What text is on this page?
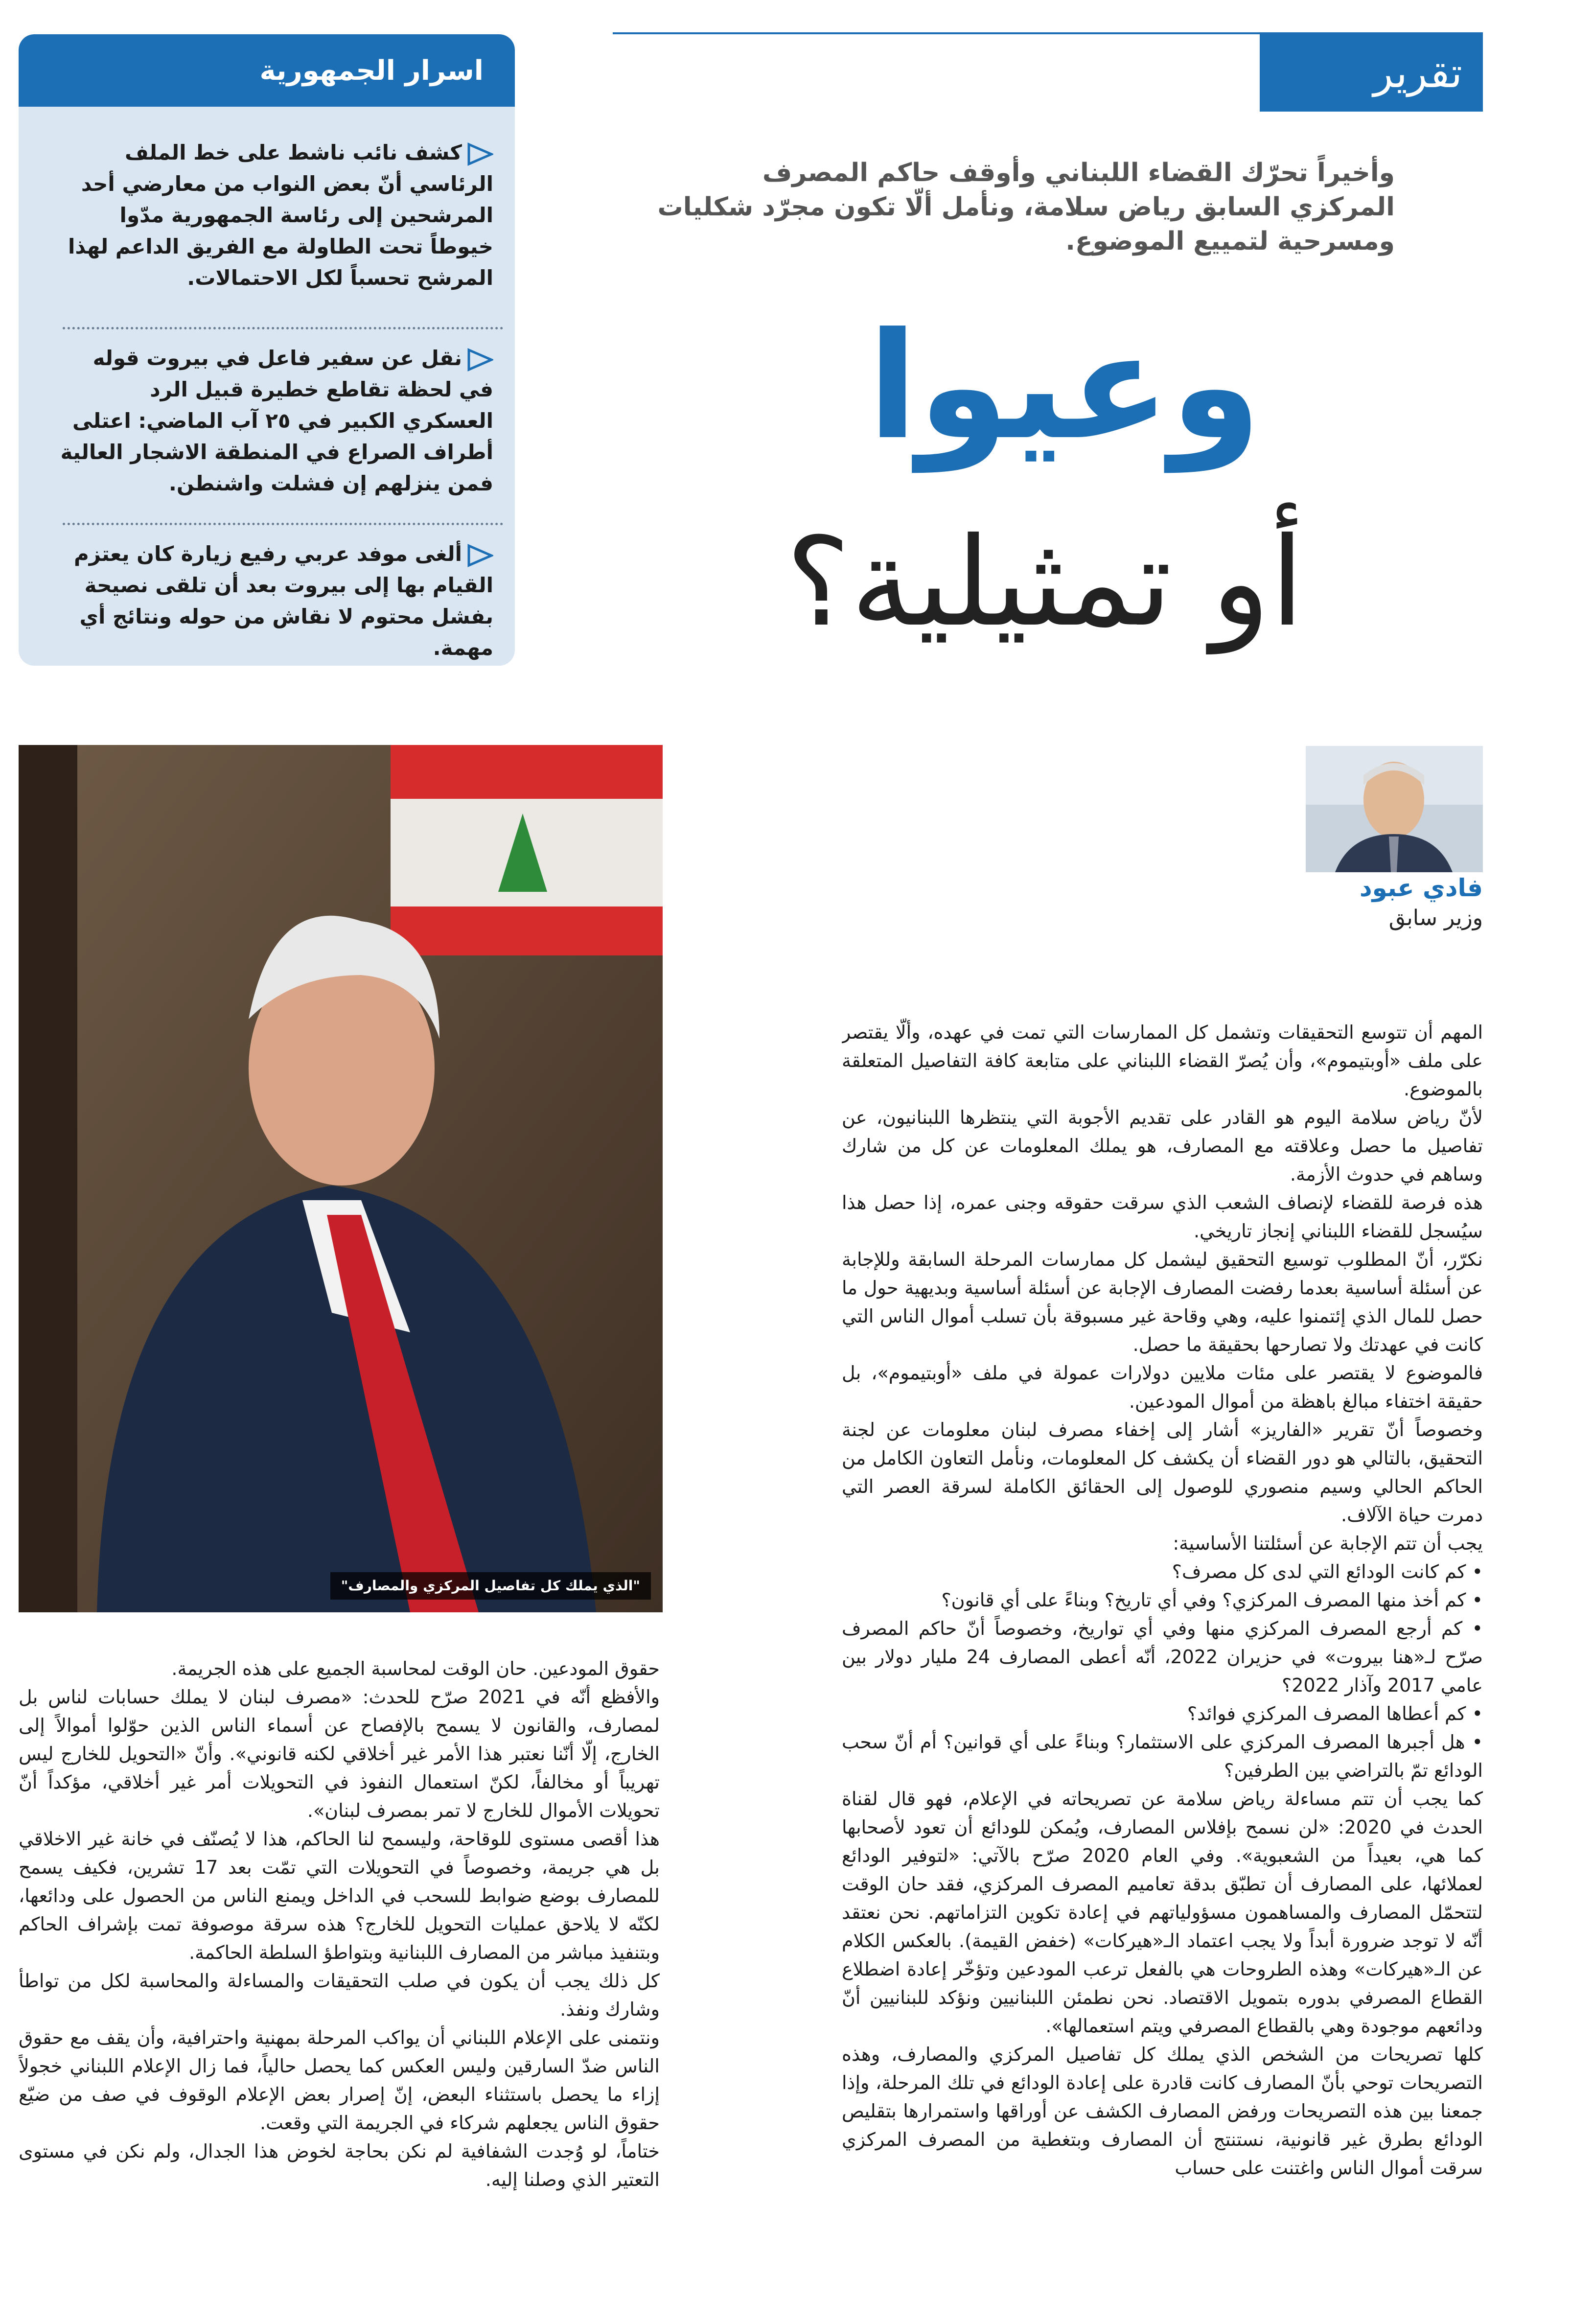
اسرار الجمهورية
كشف نائب ناشط على خط الملف الرئاسي أنّ بعض النواب من معارضي أحد المرشحين إلى رئاسة الجمهورية مدّوا خيوطاً تحت الطاولة مع الفريق الداعم لهذا المرشح تحسباً لكل الاحتمالات.
نقل عن سفير فاعل في بيروت قوله في لحظة تقاطع خطيرة قبيل الرد العسكري الكبير في ٢٥ آب الماضي: اعتلى أطراف الصراع في المنطقة الاشجار العالية فمن ينزلهم إن فشلت واشنطن.
ألغى موفد عربي رفيع زيارة كان يعتزم القيام بها إلى بيروت بعد أن تلقى نصيحة بفشل محتوم لا نقاش من حوله ونتائج أي مهمة.
تقرير
وأخيراً تحرّك القضاء اللبناني وأوقف حاكم المصرف المركزي السابق رياض سلامة، ونأمل ألّا تكون مجرّد شكليات ومسرحية لتمييع الموضوع.
وعيوا
أو تمثيلية؟
فادي عبود
وزير سابق
"الذي يملك كل تفاصيل المركزي والمصارف"

المهم أن تتوسع التحقيقات وتشمل كل الممارسات التي تمت في عهده، وألّا يقتصر على ملف «أوبتيموم»، وأن يُصرّ القضاء اللبناني على متابعة كافة التفاصيل المتعلقة بالموضوع.

لأنّ رياض سلامة اليوم هو القادر على تقديم الأجوبة التي ينتظرها اللبنانيون، عن تفاصيل ما حصل وعلاقته مع المصارف، هو يملك المعلومات عن كل من شارك وساهم في حدوث الأزمة.

هذه فرصة للقضاء لإنصاف الشعب الذي سرقت حقوقه وجنى عمره، إذا حصل هذا سيُسجل للقضاء اللبناني إنجاز تاريخي.

نكرّر، أنّ المطلوب توسيع التحقيق ليشمل كل ممارسات المرحلة السابقة وللإجابة عن أسئلة أساسية بعدما رفضت المصارف الإجابة عن أسئلة أساسية وبديهية حول ما حصل للمال الذي إئتمنوا عليه، وهي وقاحة غير مسبوقة بأن تسلب أموال الناس التي كانت في عهدتك ولا تصارحها بحقيقة ما حصل.

فالموضوع لا يقتصر على مئات ملايين دولارات عمولة في ملف «أوبتيموم»، بل حقيقة اختفاء مبالغ باهظة من أموال المودعين.

وخصوصاً أنّ تقرير «الفاريز» أشار إلى إخفاء مصرف لبنان معلومات عن لجنة التحقيق، بالتالي هو دور القضاء أن يكشف كل المعلومات، ونأمل التعاون الكامل من الحاكم الحالي وسيم منصوري للوصول إلى الحقائق الكاملة لسرقة العصر التي دمرت حياة الآلاف.

يجب أن تتم الإجابة عن أسئلتنا الأساسية:

• كم كانت الودائع التي لدى كل مصرف؟

• كم أخذ منها المصرف المركزي؟ وفي أي تاريخ؟ وبناءً على أي قانون؟

• كم أرجع المصرف المركزي منها وفي أي تواريخ، وخصوصاً أنّ حاكم المصرف صرّح لـ«هنا بيروت» في حزيران 2022، أنّه أعطى المصارف 24 مليار دولار بين عامي 2017 وآذار 2022؟

• كم أعطاها المصرف المركزي فوائد؟

• هل أجبرها المصرف المركزي على الاستثمار؟ وبناءً على أي قوانين؟ أم أنّ سحب الودائع تمّ بالتراضي بين الطرفين؟

كما يجب أن تتم مساءلة رياض سلامة عن تصريحاته في الإعلام، فهو قال لقناة الحدث في 2020: «لن نسمح بإفلاس المصارف، ويُمكن للودائع أن تعود لأصحابها كما هي، بعيداً من الشعبوية». وفي العام 2020 صرّح بالآتي: «لتوفير الودائع لعملائها، على المصارف أن تطبّق بدقة تعاميم المصرف المركزي، فقد حان الوقت لتتحمّل المصارف والمساهمون مسؤولياتهم في إعادة تكوين التزاماتهم. نحن نعتقد أنّه لا توجد ضرورة أبداً ولا يجب اعتماد الـ«هيركات» (خفض القيمة). بالعكس الكلام عن الـ«هيركات» وهذه الطروحات هي بالفعل ترعب المودعين وتؤخّر إعادة اضطلاع القطاع المصرفي بدوره بتمويل الاقتصاد. نحن نطمئن اللبنانيين ونؤكد للبنانيين أنّ ودائعهم موجودة وهي بالقطاع المصرفي ويتم استعمالها».

كلها تصريحات من الشخص الذي يملك كل تفاصيل المركزي والمصارف، وهذه التصريحات توحي بأنّ المصارف كانت قادرة على إعادة الودائع في تلك المرحلة، وإذا جمعنا بين هذه التصريحات ورفض المصارف الكشف عن أوراقها واستمرارها بتقليص الودائع بطرق غير قانونية، نستنتج أن المصارف وبتغطية من المصرف المركزي سرقت أموال الناس واغتنت على حساب

حقوق المودعين. حان الوقت لمحاسبة الجميع على هذه الجريمة.

والأفظع أنّه في 2021 صرّح للحدث: «مصرف لبنان لا يملك حسابات لناس بل لمصارف، والقانون لا يسمح بالإفصاح عن أسماء الناس الذين حوّلوا أموالاً إلى الخارج، إلّا أنّنا نعتبر هذا الأمر غير أخلاقي لكنه قانوني». وأنّ «التحويل للخارج ليس تهريباً أو مخالفاً، لكنّ استعمال النفوذ في التحويلات أمر غير أخلاقي، مؤكداً أنّ تحويلات الأموال للخارج لا تمر بمصرف لبنان».

هذا أقصى مستوى للوقاحة، وليسمح لنا الحاكم، هذا لا يُصنّف في خانة غير الاخلاقي بل هي جريمة، وخصوصاً في التحويلات التي تمّت بعد 17 تشرين، فكيف يسمح للمصارف بوضع ضوابط للسحب في الداخل ويمنع الناس من الحصول على ودائعها، لكنّه لا يلاحق عمليات التحويل للخارج؟ هذه سرقة موصوفة تمت بإشراف الحاكم وبتنفيذ مباشر من المصارف اللبنانية وبتواطؤ السلطة الحاكمة.

كل ذلك يجب أن يكون في صلب التحقيقات والمساءلة والمحاسبة لكل من تواطأ وشارك ونفذ.

ونتمنى على الإعلام اللبناني أن يواكب المرحلة بمهنية واحترافية، وأن يقف مع حقوق الناس ضدّ السارقين وليس العكس كما يحصل حالياً، فما زال الإعلام اللبناني خجولاً إزاء ما يحصل باستثناء البعض، إنّ إصرار بعض الإعلام الوقوف في صف من ضيّع حقوق الناس يجعلهم شركاء في الجريمة التي وقعت.

ختاماً، لو وُجدت الشفافية لم نكن بحاجة لخوض هذا الجدال، ولم نكن في مستوى التعتير الذي وصلنا إليه.
